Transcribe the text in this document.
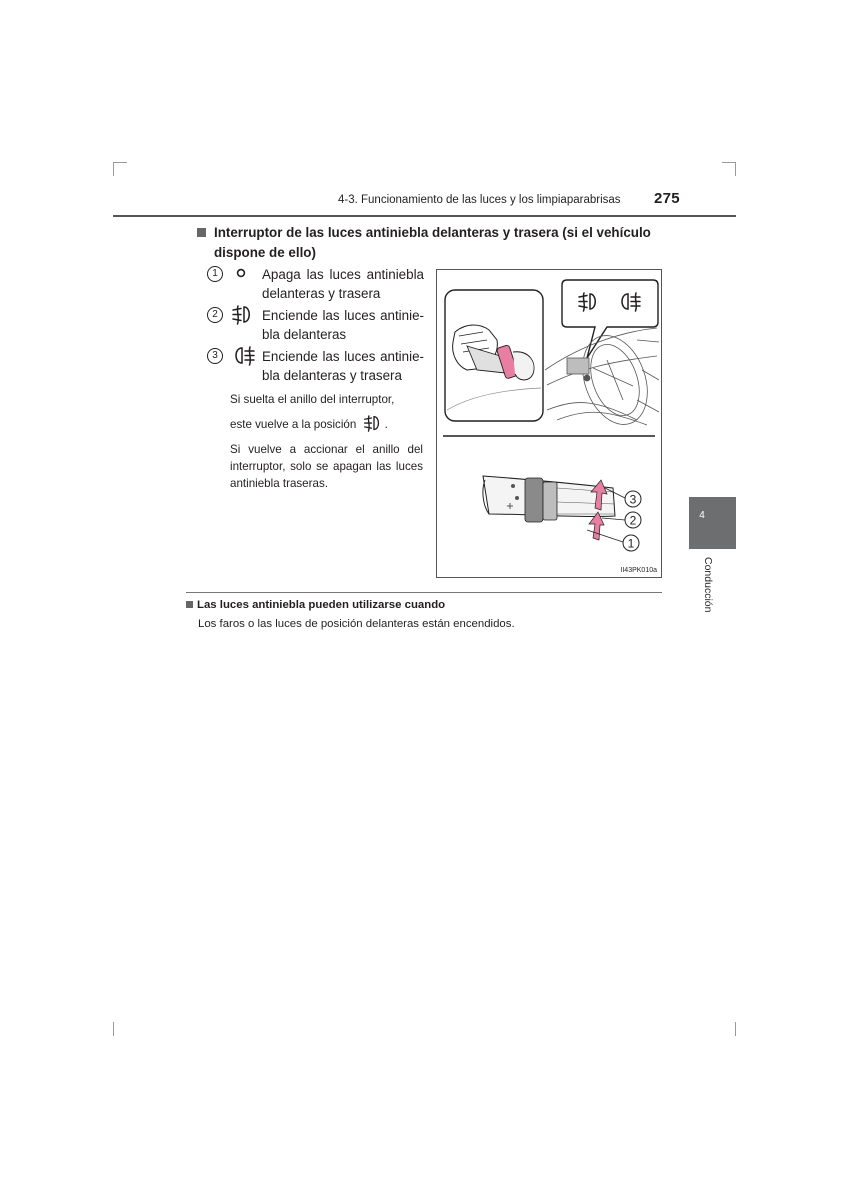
4-3. Funcionamiento de las luces y los limpiaparabrisas 275
Interruptor de las luces antiniebla delanteras y trasera (si el vehículo dispone de ello)
1	Apaga las luces antiniebla delanteras y trasera
2	Enciende las luces antiniebla delanteras
3	Enciende las luces antiniebla delanteras y trasera
Si suelta el anillo del interruptor,
este vuelve a la posición .
Si vuelve a accionar el anillo del interruptor, solo se apagan las luces antiniebla traseras.
3
2
1
II43PK010a
Las luces antiniebla pueden utilizarse cuando
Los faros o las luces de posición delanteras están encendidos.
4
Conducción
